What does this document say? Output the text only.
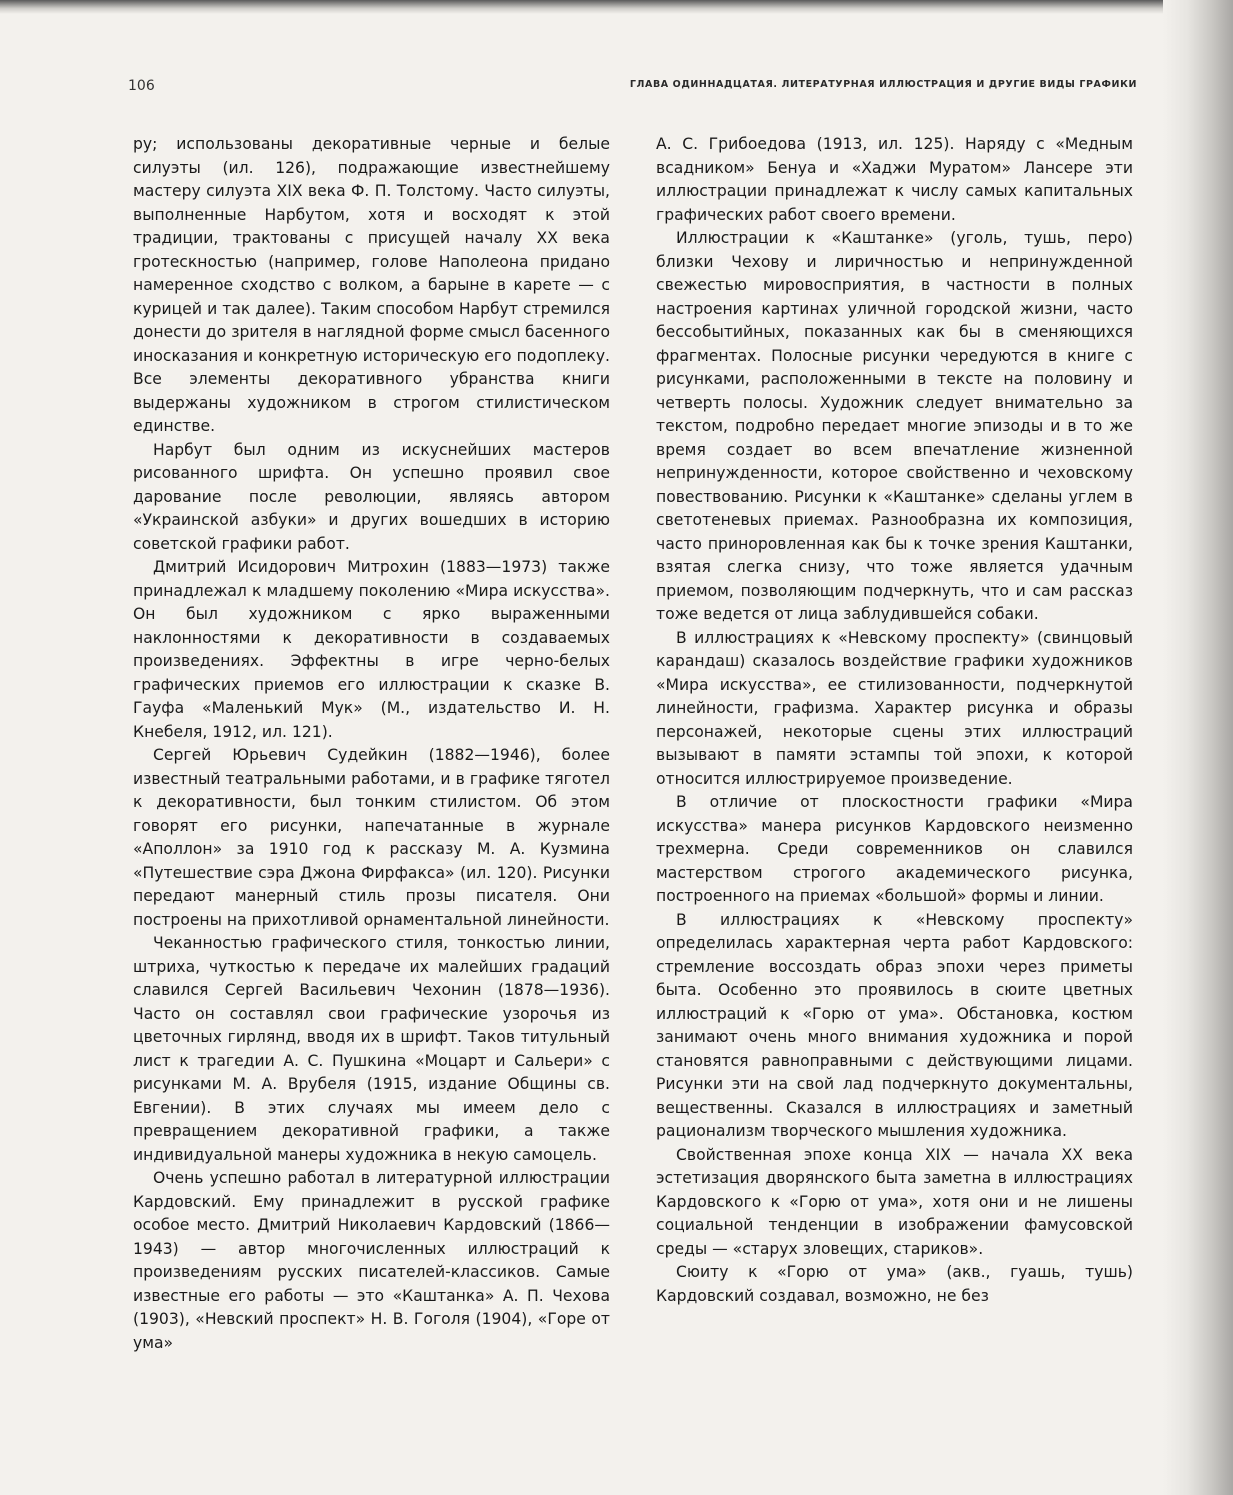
106	ГЛАВА ОДИННАДЦАТАЯ. ЛИТЕРАТУРНАЯ ИЛЛЮСТРАЦИЯ И ДРУГИЕ ВИДЫ ГРАФИКИ

ру; использованы декоративные черные и белые силуэты (ил. 126), подражающие известнейшему мастеру силуэта XIX века Ф. П. Толстому. Часто силуэты, выполненные Нарбутом, хотя и восходят к этой традиции, трактованы с присущей началу XX века гротескностью (например, голове Наполеона придано намеренное сходство с волком, а барыне в карете — с курицей и так далее). Таким способом Нарбут стремился донести до зрителя в наглядной форме смысл басенного иносказания и конкретную историческую его подоплеку. Все элементы декоративного убранства книги выдержаны художником в строгом стилистическом единстве.

Нарбут был одним из искуснейших мастеров рисованного шрифта. Он успешно проявил свое дарование после революции, являясь автором «Украинской азбуки» и других вошедших в историю советской графики работ.

Дмитрий Исидорович Митрохин (1883—1973) также принадлежал к младшему поколению «Мира искусства». Он был художником с ярко выраженными наклонностями к декоративности в создаваемых произведениях. Эффектны в игре черно-белых графических приемов его иллюстрации к сказке В. Гауфа «Маленький Мук» (М., издательство И. Н. Кнебеля, 1912, ил. 121).

Сергей Юрьевич Судейкин (1882—1946), более известный театральными работами, и в графике тяготел к декоративности, был тонким стилистом. Об этом говорят его рисунки, напечатанные в журнале «Аполлон» за 1910 год к рассказу М. А. Кузмина «Путешествие сэра Джона Фирфакса» (ил. 120). Рисунки передают манерный стиль прозы писателя. Они построены на прихотливой орнаментальной линейности.

Чеканностью графического стиля, тонкостью линии, штриха, чуткостью к передаче их малейших градаций славился Сергей Васильевич Чехонин (1878—1936). Часто он составлял свои графические узорочья из цветочных гирлянд, вводя их в шрифт. Таков титульный лист к трагедии А. С. Пушкина «Моцарт и Сальери» с рисунками М. А. Врубеля (1915, издание Общины св. Евгении). В этих случаях мы имеем дело с превращением декоративной графики, а также индивидуальной манеры художника в некую самоцель.

Очень успешно работал в литературной иллюстрации Кардовский. Ему принадлежит в русской графике особое место. Дмитрий Николаевич Кардовский (1866—1943) — автор многочисленных иллюстраций к произведениям русских писателей-классиков. Самые известные его работы — это «Каштанка» А. П. Чехова (1903), «Невский проспект» Н. В. Гоголя (1904), «Горе от ума»

А. С. Грибоедова (1913, ил. 125). Наряду с «Медным всадником» Бенуа и «Хаджи Муратом» Лансере эти иллюстрации принадлежат к числу самых капитальных графических работ своего времени.

Иллюстрации к «Каштанке» (уголь, тушь, перо) близки Чехову и лиричностью и непринужденной свежестью мировосприятия, в частности в полных настроения картинах уличной городской жизни, часто бессобытийных, показанных как бы в сменяющихся фрагментах. Полосные рисунки чередуются в книге с рисунками, расположенными в тексте на половину и четверть полосы. Художник следует внимательно за текстом, подробно передает многие эпизоды и в то же время создает во всем впечатление жизненной непринужденности, которое свойственно и чеховскому повествованию. Рисунки к «Каштанке» сделаны углем в светотеневых приемах. Разнообразна их композиция, часто приноровленная как бы к точке зрения Каштанки, взятая слегка снизу, что тоже является удачным приемом, позволяющим подчеркнуть, что и сам рассказ тоже ведется от лица заблудившейся собаки.

В иллюстрациях к «Невскому проспекту» (свинцовый карандаш) сказалось воздействие графики художников «Мира искусства», ее стилизованности, подчеркнутой линейности, графизма. Характер рисунка и образы персонажей, некоторые сцены этих иллюстраций вызывают в памяти эстампы той эпохи, к которой относится иллюстрируемое произведение.

В отличие от плоскостности графики «Мира искусства» манера рисунков Кардовского неизменно трехмерна. Среди современников он славился мастерством строгого академического рисунка, построенного на приемах «большой» формы и линии.

В иллюстрациях к «Невскому проспекту» определилась характерная черта работ Кардовского: стремление воссоздать образ эпохи через приметы быта. Особенно это проявилось в сюите цветных иллюстраций к «Горю от ума». Обстановка, костюм занимают очень много внимания художника и порой становятся равноправными с действующими лицами. Рисунки эти на свой лад подчеркнуто документальны, вещественны. Сказался в иллюстрациях и заметный рационализм творческого мышления художника.

Свойственная эпохе конца XIX — начала XX века эстетизация дворянского быта заметна в иллюстрациях Кардовского к «Горю от ума», хотя они и не лишены социальной тенденции в изображении фамусовской среды — «старух зловещих, стариков».

Сюиту к «Горю от ума» (акв., гуашь, тушь) Кардовский создавал, возможно, не без
